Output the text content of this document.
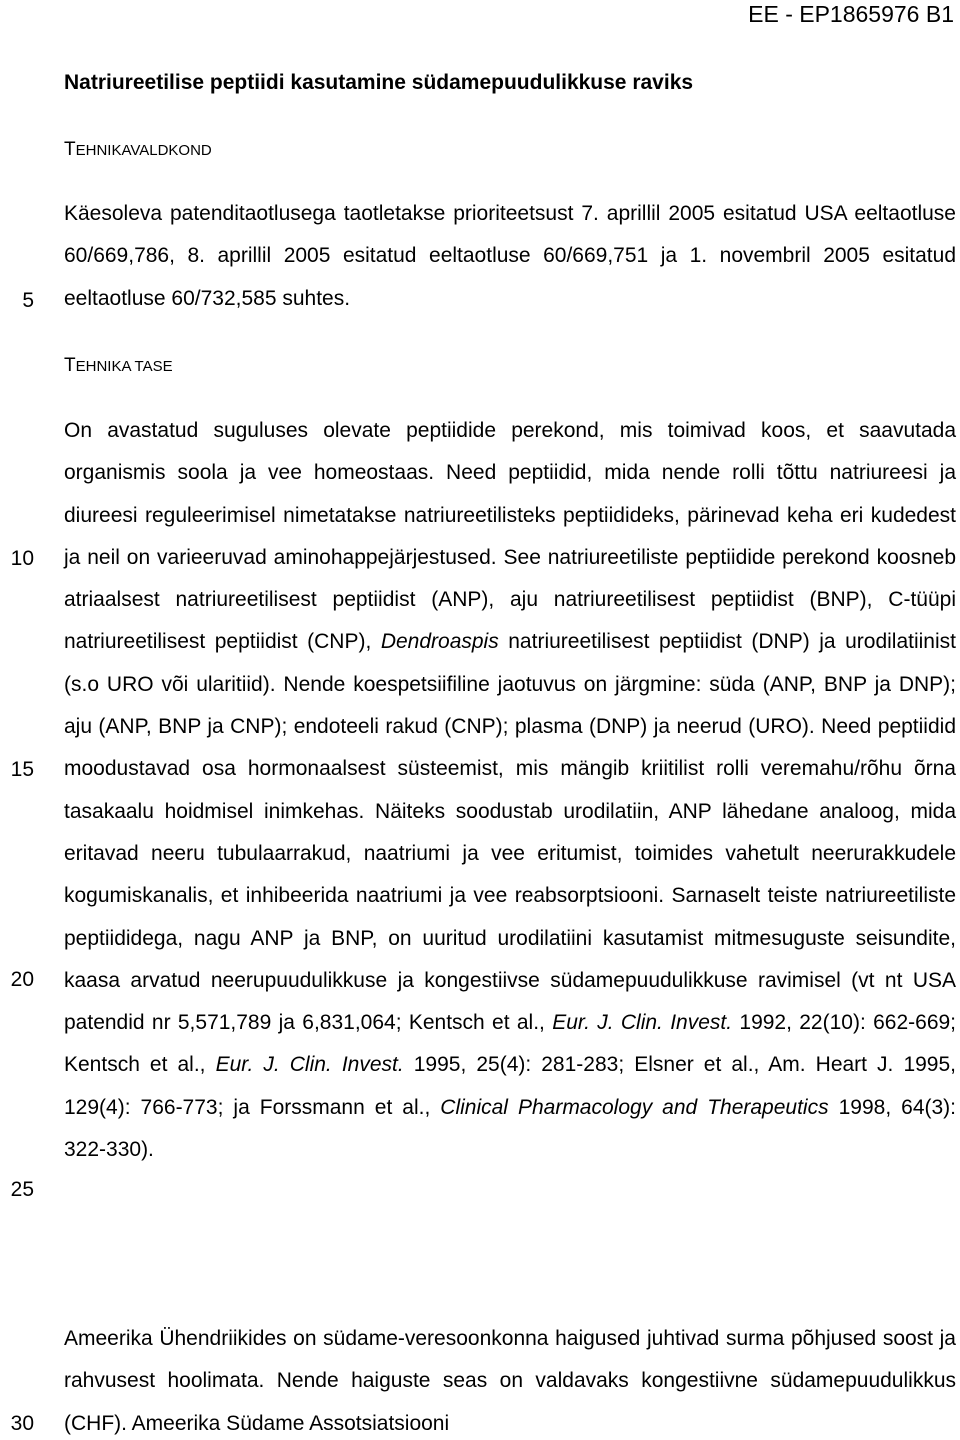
EE - EP1865976 B1
Natriureetilise peptiidi kasutamine südamepuudulikkuse raviks
TEHNIKAVALDKOND
Käesoleva patenditaotlusega taotletakse prioriteetsust 7. aprillil 2005 esitatud USA eeltaotluse 60/669,786, 8. aprillil 2005 esitatud eeltaotluse 60/669,751 ja 1. novembril 2005 esitatud eeltaotluse 60/732,585 suhtes.
TEHNIKA TASE
On avastatud suguluses olevate peptiidide perekond, mis toimivad koos, et saavutada organismis soola ja vee homeostaas. Need peptiidid, mida nende rolli tõttu natriureesi ja diureesi reguleerimisel nimetatakse natriureetilisteks peptiidideks, pärinevad keha eri kudedest ja neil on varieeruvad aminohappejärjestused. See natriureetiliste peptiidide perekond koosneb atriaalsest natriureetilisest peptiidist (ANP), aju natriureetilisest peptiidist (BNP), C-tüüpi natriureetilisest peptiidist (CNP), Dendroaspis natriureetilisest peptiidist (DNP) ja urodilatiinist (s.o URO või ularitiid). Nende koespetsiifiline jaotuvus on järgmine: süda (ANP, BNP ja DNP); aju (ANP, BNP ja CNP); endoteeli rakud (CNP); plasma (DNP) ja neerud (URO). Need peptiidid moodustavad osa hormonaalsest süsteemist, mis mängib kriitilist rolli veremahu/rõhu õrna tasakaalu hoidmisel inimkehas. Näiteks soodustab urodilatiin, ANP lähedane analoog, mida eritavad neeru tubulaarrakud, naatriumi ja vee eritumist, toimides vahetult neerurakkudele kogumiskanalis, et inhibeerida naatriumi ja vee reabsorptsiooni. Sarnaselt teiste natriureetiliste peptiididega, nagu ANP ja BNP, on uuritud urodilatiini kasutamist mitmesuguste seisundite, kaasa arvatud neerupuudulikkuse ja kongestiivse südamepuudulikkuse ravimisel (vt nt USA patendid nr 5,571,789 ja 6,831,064; Kentsch et al., Eur. J. Clin. Invest. 1992, 22(10): 662-669; Kentsch et al., Eur. J. Clin. Invest. 1995, 25(4): 281-283; Elsner et al., Am. Heart J. 1995, 129(4): 766-773; ja Forssmann et al., Clinical Pharmacology and Therapeutics 1998, 64(3): 322-330).
Ameerika Ühendriikides on südame-veresoonkonna haigused juhtivad surma põhjused soost ja rahvusest hoolimata. Nende haiguste seas on valdavaks kongestiivne südamepuudulikkus (CHF). Ameerika Südame Assotsiatsiooni
5
10
15
20
25
30
